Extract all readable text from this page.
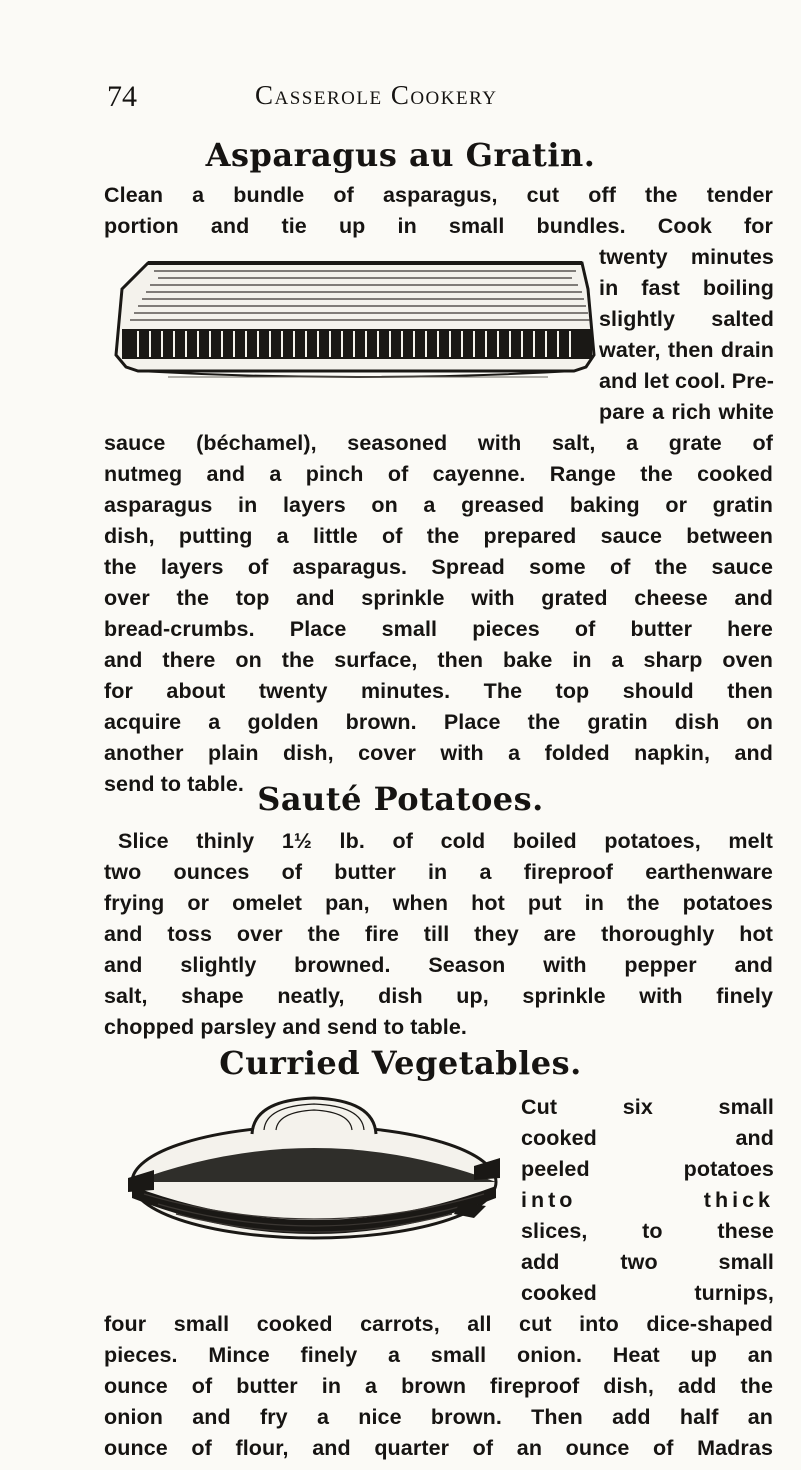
74	Casserole Cookery
Asparagus au Gratin.

Clean a bundle of asparagus, cut off the tender

portion and tie up in small bundles. Cook for

twenty minutes

in fast boiling

slightly salted

water, then drain

and let cool. Pre-

pare a rich white

sauce (béchamel), seasoned with salt, a grate of

nutmeg and a pinch of cayenne. Range the cooked

asparagus in layers on a greased baking or gratin

dish, putting a little of the prepared sauce between

the layers of asparagus. Spread some of the sauce

over the top and sprinkle with grated cheese and

bread-crumbs. Place small pieces of butter here

and there on the surface, then bake in a sharp oven

for about twenty minutes. The top should then

acquire a golden brown. Place the gratin dish on

another plain dish, cover with a folded napkin, and

send to table. Sauté Potatoes.

Slice thinly 1½ lb. of cold boiled potatoes, melt

two ounces of butter in a fireproof earthenware

frying or omelet pan, when hot put in the potatoes

and toss over the fire till they are thoroughly hot

and slightly browned. Season with pepper and

salt, shape neatly, dish up, sprinkle with finely

chopped parsley and send to table.

Curried Vegetables.

Cut six small

cooked and

peeled potatoes

into thick

slices, to these

add two small

cooked turnips,

four small cooked carrots, all cut into dice-shaped

pieces. Mince finely a small onion. Heat up an

ounce of butter in a brown fireproof dish, add the

onion and fry a nice brown. Then add half an

ounce of flour, and quarter of an ounce of Madras
